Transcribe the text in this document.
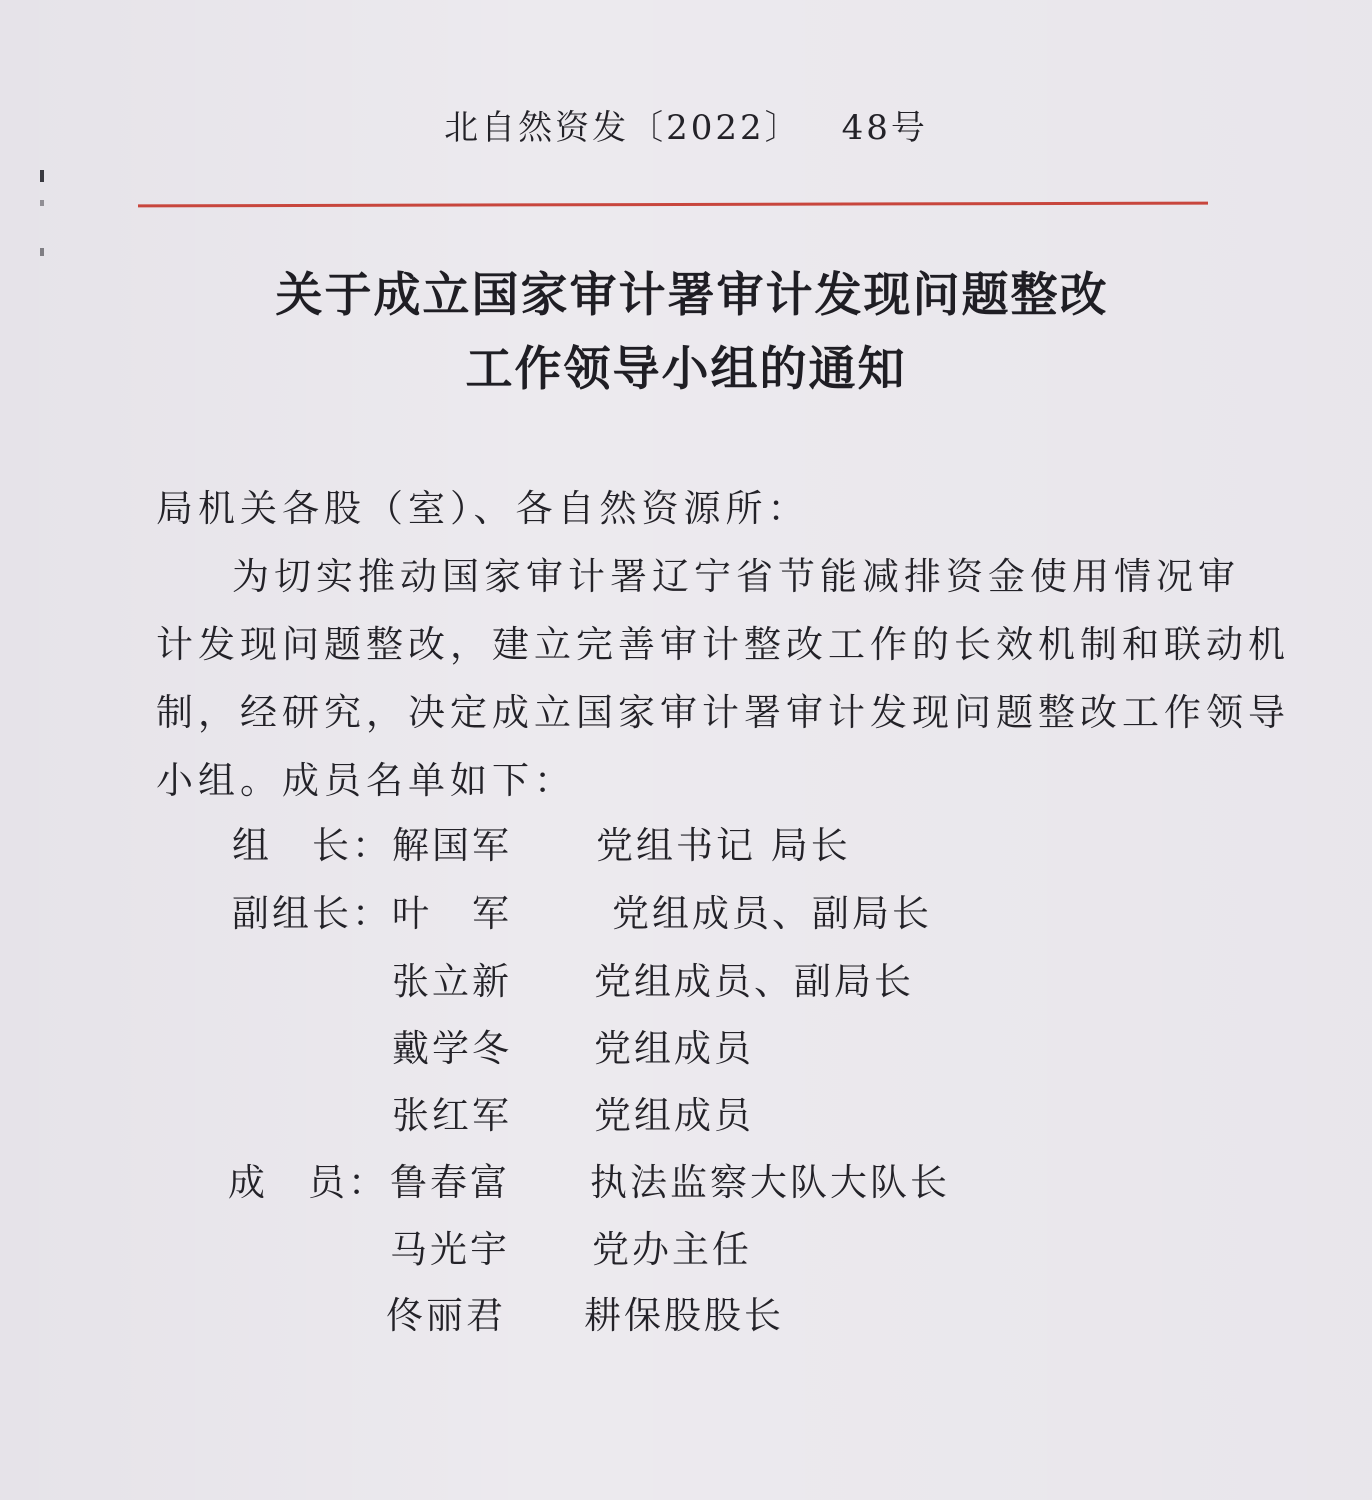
北自然资发〔2022〕 48号
关于成立国家审计署审计发现问题整改
工作领导小组的通知
局机关各股（室）、各自然资源所：
为切实推动国家审计署辽宁省节能减排资金使用情况审
计发现问题整改，建立完善审计整改工作的长效机制和联动机
制，经研究，决定成立国家审计署审计发现问题整改工作领导
小组。成员名单如下：
组　长： 解国军 党组书记 局长
副组长： 叶　军	党组成员、副局长
张立新 党组成员、副局长
戴学冬 党组成员
张红军 党组成员
成　员： 鲁春富 执法监察大队大队长
马光宇 党办主任
佟丽君 耕保股股长
